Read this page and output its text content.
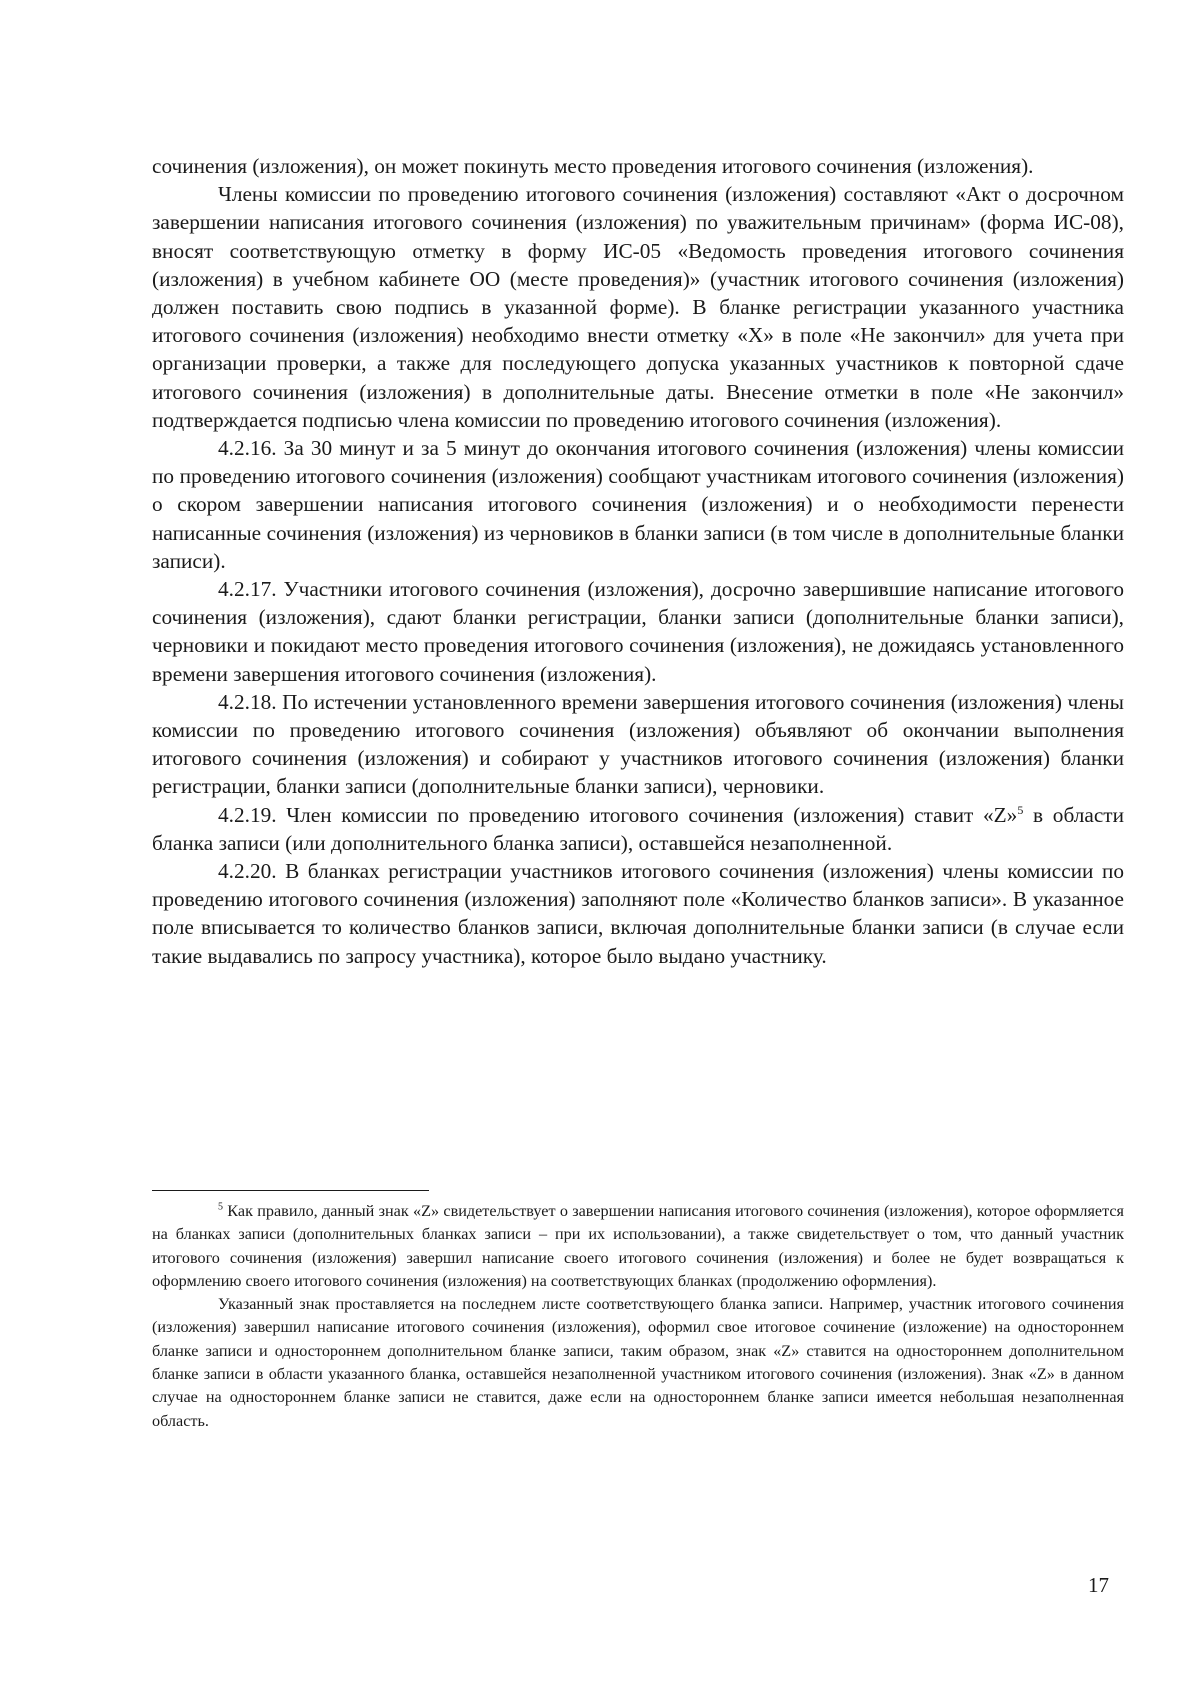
сочинения (изложения), он может покинуть место проведения итогового сочинения (изложения).

Члены комиссии по проведению итогового сочинения (изложения) составляют «Акт о досрочном завершении написания итогового сочинения (изложения) по уважительным причинам» (форма ИС-08), вносят соответствующую отметку в форму ИС-05 «Ведомость проведения итогового сочинения (изложения) в учебном кабинете ОО (месте проведения)» (участник итогового сочинения (изложения) должен поставить свою подпись в указанной форме). В бланке регистрации указанного участника итогового сочинения (изложения) необходимо внести отметку «X» в поле «Не закончил» для учета при организации проверки, а также для последующего допуска указанных участников к повторной сдаче итогового сочинения (изложения) в дополнительные даты. Внесение отметки в поле «Не закончил» подтверждается подписью члена комиссии по проведению итогового сочинения (изложения).

4.2.16. За 30 минут и за 5 минут до окончания итогового сочинения (изложения) члены комиссии по проведению итогового сочинения (изложения) сообщают участникам итогового сочинения (изложения) о скором завершении написания итогового сочинения (изложения) и о необходимости перенести написанные сочинения (изложения) из черновиков в бланки записи (в том числе в дополнительные бланки записи).

4.2.17. Участники итогового сочинения (изложения), досрочно завершившие написание итогового сочинения (изложения), сдают бланки регистрации, бланки записи (дополнительные бланки записи), черновики и покидают место проведения итогового сочинения (изложения), не дожидаясь установленного времени завершения итогового сочинения (изложения).

4.2.18. По истечении установленного времени завершения итогового сочинения (изложения) члены комиссии по проведению итогового сочинения (изложения) объявляют об окончании выполнения итогового сочинения (изложения) и собирают у участников итогового сочинения (изложения) бланки регистрации, бланки записи (дополнительные бланки записи), черновики.

4.2.19. Член комиссии по проведению итогового сочинения (изложения) ставит «Z»$^5$ в области бланка записи (или дополнительного бланка записи), оставшейся незаполненной.

4.2.20. В бланках регистрации участников итогового сочинения (изложения) члены комиссии по проведению итогового сочинения (изложения) заполняют поле «Количество бланков записи». В указанное поле вписывается то количество бланков записи, включая дополнительные бланки записи (в случае если такие выдавались по запросу участника), которое было выдано участнику.

$^5$ Как правило, данный знак «Z» свидетельствует о завершении написания итогового сочинения (изложения), которое оформляется на бланках записи (дополнительных бланках записи – при их использовании), а также свидетельствует о том, что данный участник итогового сочинения (изложения) завершил написание своего итогового сочинения (изложения) и более не будет возвращаться к оформлению своего итогового сочинения (изложения) на соответствующих бланках (продолжению оформления).

Указанный знак проставляется на последнем листе соответствующего бланка записи. Например, участник итогового сочинения (изложения) завершил написание итогового сочинения (изложения), оформил свое итоговое сочинение (изложение) на одностороннем бланке записи и одностороннем дополнительном бланке записи, таким образом, знак «Z» ставится на одностороннем дополнительном бланке записи в области указанного бланка, оставшейся незаполненной участником итогового сочинения (изложения). Знак «Z» в данном случае на одностороннем бланке записи не ставится, даже если на одностороннем бланке записи имеется небольшая незаполненная область.

17
